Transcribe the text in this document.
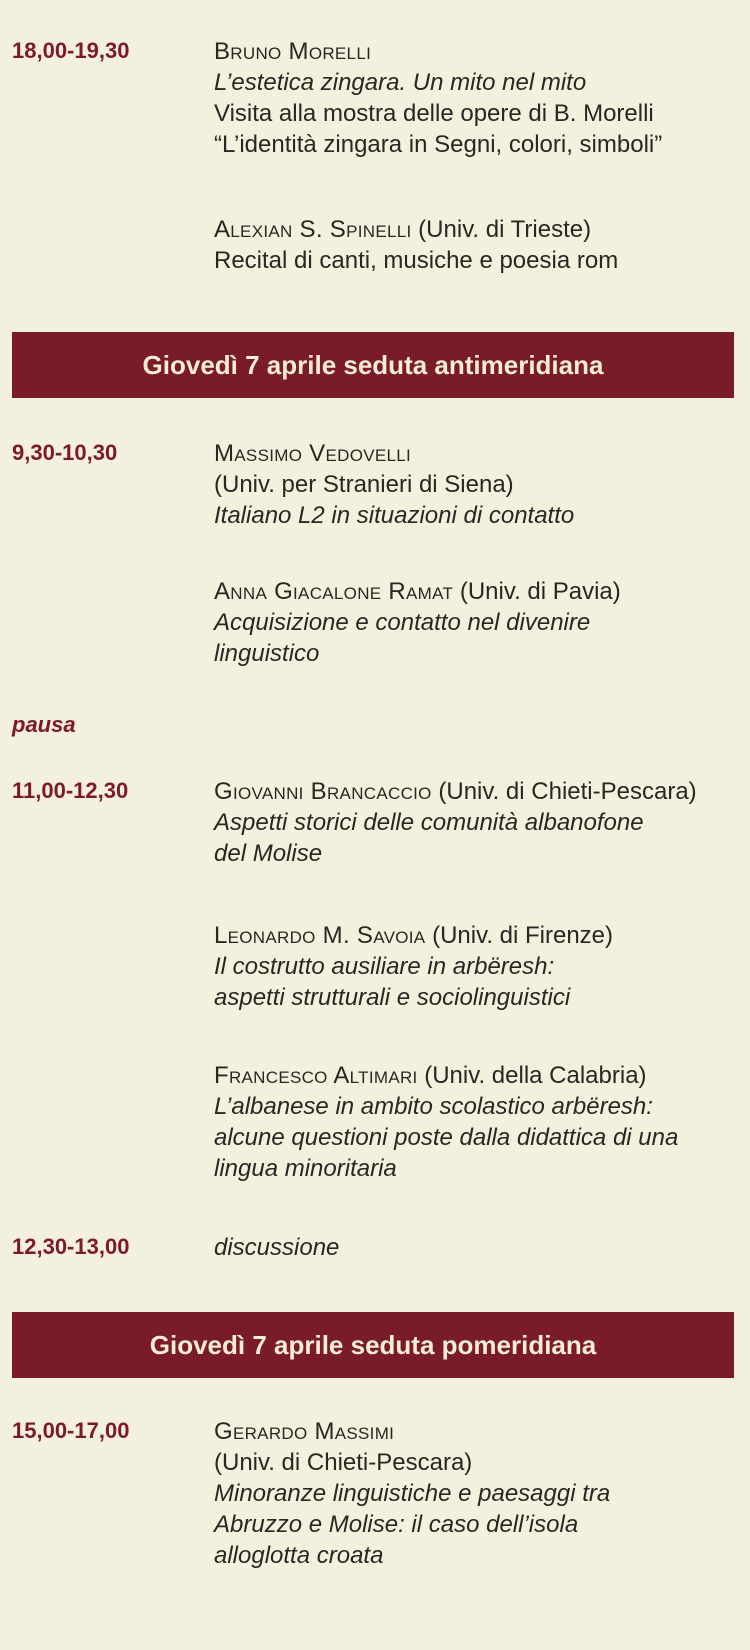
18,00-19,30	Bruno Morelli
L’estetica zingara. Un mito nel mito
Visita alla mostra delle opere di B. Morelli
“L’identità zingara in Segni, colori, simboli”
Alexian S. Spinelli (Univ. di Trieste)
Recital di canti, musiche e poesia rom
Giovedì 7 aprile seduta antimeridiana
9,30-10,30	Massimo Vedovelli
(Univ. per Stranieri di Siena)
Italiano L2 in situazioni di contatto
Anna Giacalone Ramat (Univ. di Pavia)
Acquisizione e contatto nel divenire
linguistico
pausa
11,00-12,30	Giovanni Brancaccio (Univ. di Chieti-Pescara)
Aspetti storici delle comunità albanofone
del Molise
Leonardo M. Savoia (Univ. di Firenze)
Il costrutto ausiliare in arbëresh:
aspetti strutturali e sociolinguistici
Francesco Altimari (Univ. della Calabria)
L’albanese in ambito scolastico arbëresh:
alcune questioni poste dalla didattica di una
lingua minoritaria
12,30-13,00	discussione
Giovedì 7 aprile seduta pomeridiana
15,00-17,00	Gerardo Massimi
(Univ. di Chieti-Pescara)
Minoranze linguistiche e paesaggi tra
Abruzzo e Molise: il caso dell’isola
alloglotta croata
